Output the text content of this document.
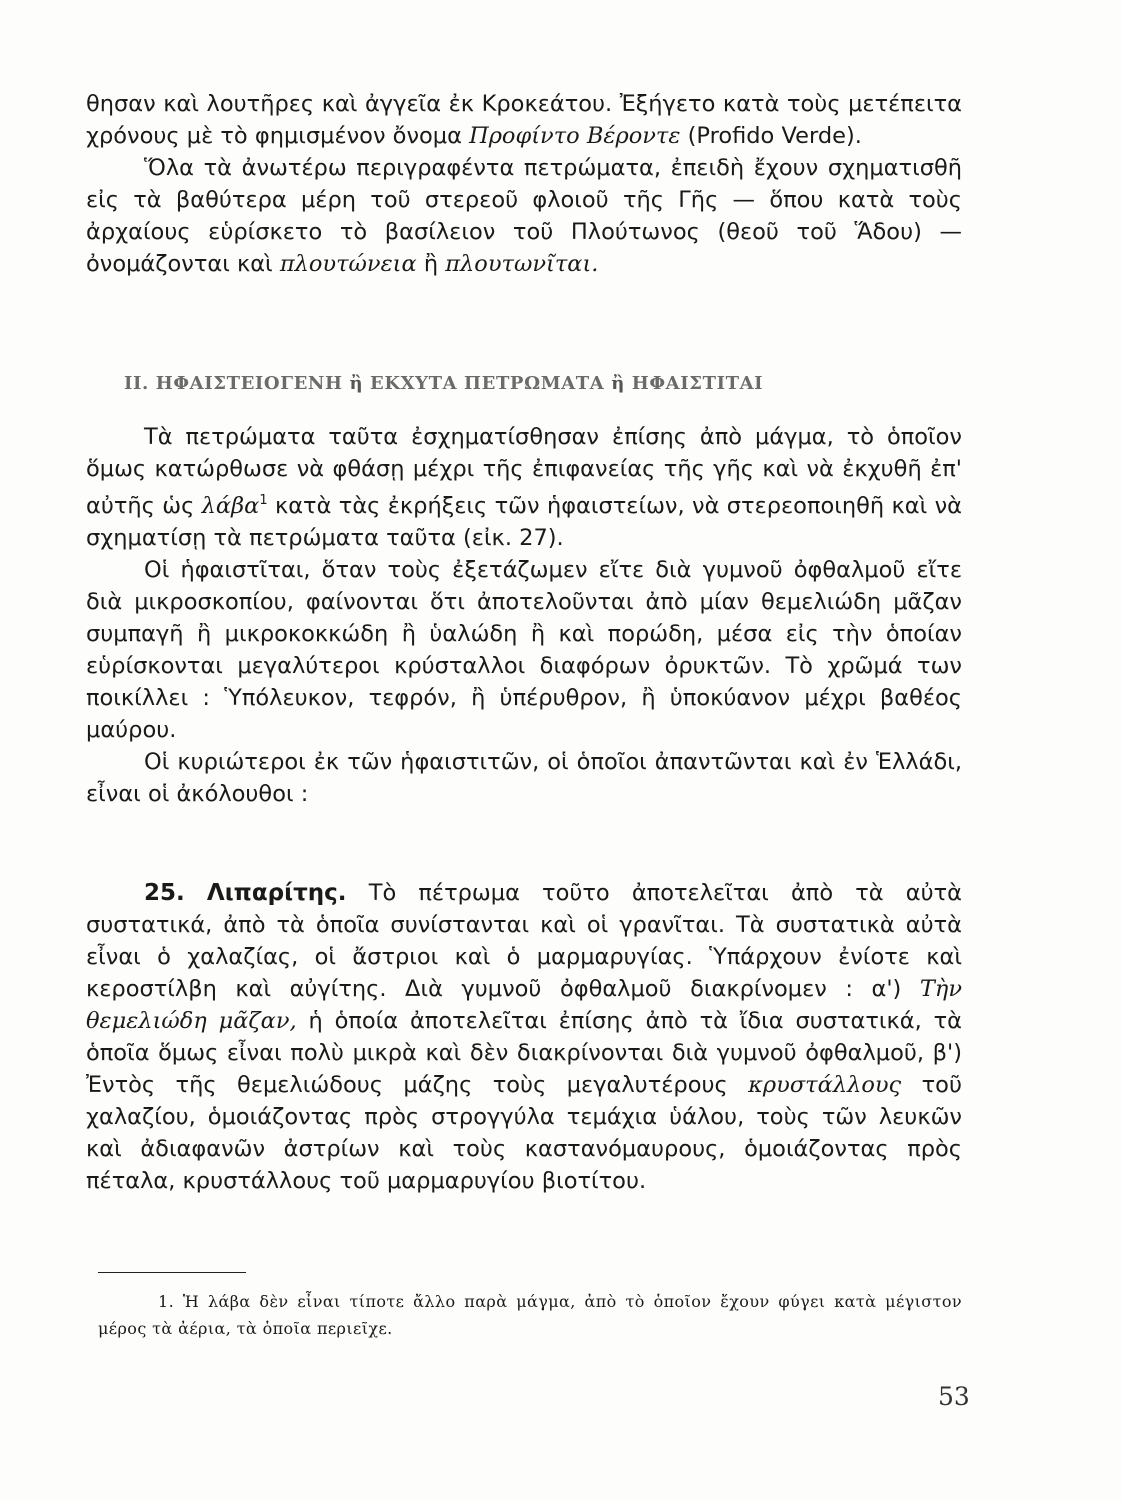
θησαν καὶ λουτῆρες καὶ ἀγγεῖα ἐκ Κροκεάτου. Ἐξήγετο κατὰ τοὺς μετέπειτα χρόνους μὲ τὸ φημισμένον ὄνομα Προφίντο Βέροντε (Profido Verde).

Ὅλα τὰ ἀνωτέρω περιγραφέντα πετρώματα, ἐπειδὴ ἔχουν σχηματισθῆ εἰς τὰ βαθύτερα μέρη τοῦ στερεοῦ φλοιοῦ τῆς Γῆς — ὅπου κατὰ τοὺς ἀρχαίους εὑρίσκετο τὸ βασίλειον τοῦ Πλούτωνος (θεοῦ τοῦ Ἅδου) — ὀνομάζονται καὶ πλουτώνεια ἢ πλουτωνῖται.

ΙΙ. ΗΦΑΙΣΤΕΙΟΓΕΝΗ ἢ ΕΚΧΥΤΑ ΠΕΤΡΩΜΑΤΑ ἢ ΗΦΑΙΣΤΙΤΑΙ

Τὰ πετρώματα ταῦτα ἐσχηματίσθησαν ἐπίσης ἀπὸ μάγμα, τὸ ὁποῖον ὅμως κατώρθωσε νὰ φθάσῃ μέχρι τῆς ἐπιφανείας τῆς γῆς καὶ νὰ ἐκχυθῆ ἐπ' αὐτῆς ὡς λάβα$^1$ κατὰ τὰς ἐκρήξεις τῶν ἡφαιστείων, νὰ στερεοποιηθῆ καὶ νὰ σχηματίσῃ τὰ πετρώματα ταῦτα (εἰκ. 27).

Οἱ ἡφαιστῖται, ὅταν τοὺς ἐξετάζωμεν εἴτε διὰ γυμνοῦ ὀφθαλμοῦ εἴτε διὰ μικροσκοπίου, φαίνονται ὅτι ἀποτελοῦνται ἀπὸ μίαν θεμελιώδη μᾶζαν συμπαγῆ ἢ μικροκοκκώδη ἢ ὑαλώδη ἢ καὶ πορώδη, μέσα εἰς τὴν ὁποίαν εὑρίσκονται μεγαλύτεροι κρύσταλλοι διαφόρων ὀρυκτῶν. Τὸ χρῶμά των ποικίλλει : Ὑπόλευκον, τεφρόν, ἢ ὑπέρυθρον, ἢ ὑποκύανον μέχρι βαθέος μαύρου.

Οἱ κυριώτεροι ἐκ τῶν ἡφαιστιτῶν, οἱ ὁποῖοι ἀπαντῶνται καὶ ἐν Ἑλλάδι, εἶναι οἱ ἀκόλουθοι :

25. Λιπαρίτης. Τὸ πέτρωμα τοῦτο ἀποτελεῖται ἀπὸ τὰ αὐτὰ συστατικά, ἀπὸ τὰ ὁποῖα συνίστανται καὶ οἱ γρανῖται. Τὰ συστατικὰ αὐτὰ εἶναι ὁ χαλαζίας, οἱ ἄστριοι καὶ ὁ μαρμαρυγίας. Ὑπάρχουν ἐνίοτε καὶ κεροστίλβη καὶ αὐγίτης. Διὰ γυμνοῦ ὀφθαλμοῦ διακρίνομεν : α') Τὴν θεμελιώδη μᾶζαν, ἡ ὁποία ἀποτελεῖται ἐπίσης ἀπὸ τὰ ἴδια συστατικά, τὰ ὁποῖα ὅμως εἶναι πολὺ μικρὰ καὶ δὲν διακρίνονται διὰ γυμνοῦ ὀφθαλμοῦ, β') Ἐντὸς τῆς θεμελιώδους μάζης τοὺς μεγαλυτέρους κρυστάλλους τοῦ χαλαζίου, ὁμοιάζοντας πρὸς στρογγύλα τεμάχια ὑάλου, τοὺς τῶν λευκῶν καὶ ἀδιαφανῶν ἀστρίων καὶ τοὺς καστανόμαυρους, ὁμοιάζοντας πρὸς πέταλα, κρυστάλλους τοῦ μαρμαρυγίου βιοτίτου.

1. Ἡ λάβα δὲν εἶναι τίποτε ἄλλο παρὰ μάγμα, ἀπὸ τὸ ὁποῖον ἔχουν φύγει κατὰ μέγιστον μέρος τὰ ἀέρια, τὰ ὁποῖα περιεῖχε.
53
